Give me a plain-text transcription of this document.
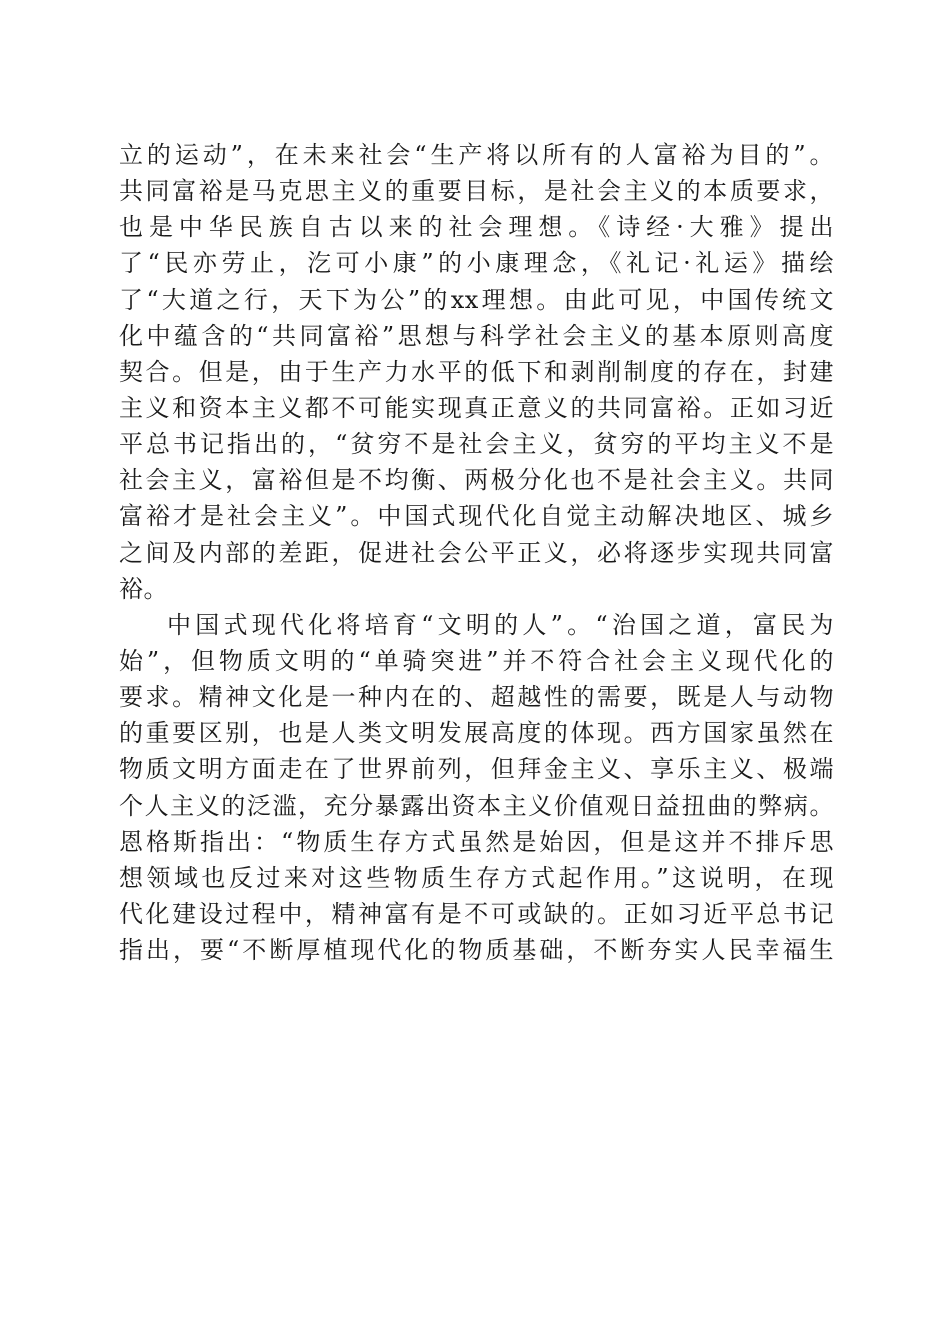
立的运动”，在未来社会“生产将以所有的人富裕为目的”。
共同富裕是马克思主义的重要目标，是社会主义的本质要求，
也是中华民族自古以来的社会理想。《诗经·大雅》提出
了“民亦劳止，汔可小康”的小康理念，《礼记·礼运》描绘
了“大道之行，天下为公”的xx理想。由此可见，中国传统文
化中蕴含的“共同富裕”思想与科学社会主义的基本原则高度
契合。但是，由于生产力水平的低下和剥削制度的存在，封建
主义和资本主义都不可能实现真正意义的共同富裕。正如习近
平总书记指出的，“贫穷不是社会主义，贫穷的平均主义不是
社会主义，富裕但是不均衡、两极分化也不是社会主义。共同
富裕才是社会主义”。中国式现代化自觉主动解决地区、城乡
之间及内部的差距，促进社会公平正义，必将逐步实现共同富
裕。
中国式现代化将培育“文明的人”。“治国之道，富民为
始”，但物质文明的“单骑突进”并不符合社会主义现代化的
要求。精神文化是一种内在的、超越性的需要，既是人与动物
的重要区别，也是人类文明发展高度的体现。西方国家虽然在
物质文明方面走在了世界前列，但拜金主义、享乐主义、极端
个人主义的泛滥，充分暴露出资本主义价值观日益扭曲的弊病。
恩格斯指出：“物质生存方式虽然是始因，但是这并不排斥思
想领域也反过来对这些物质生存方式起作用。”这说明，在现
代化建设过程中，精神富有是不可或缺的。正如习近平总书记
指出，要“不断厚植现代化的物质基础，不断夯实人民幸福生
